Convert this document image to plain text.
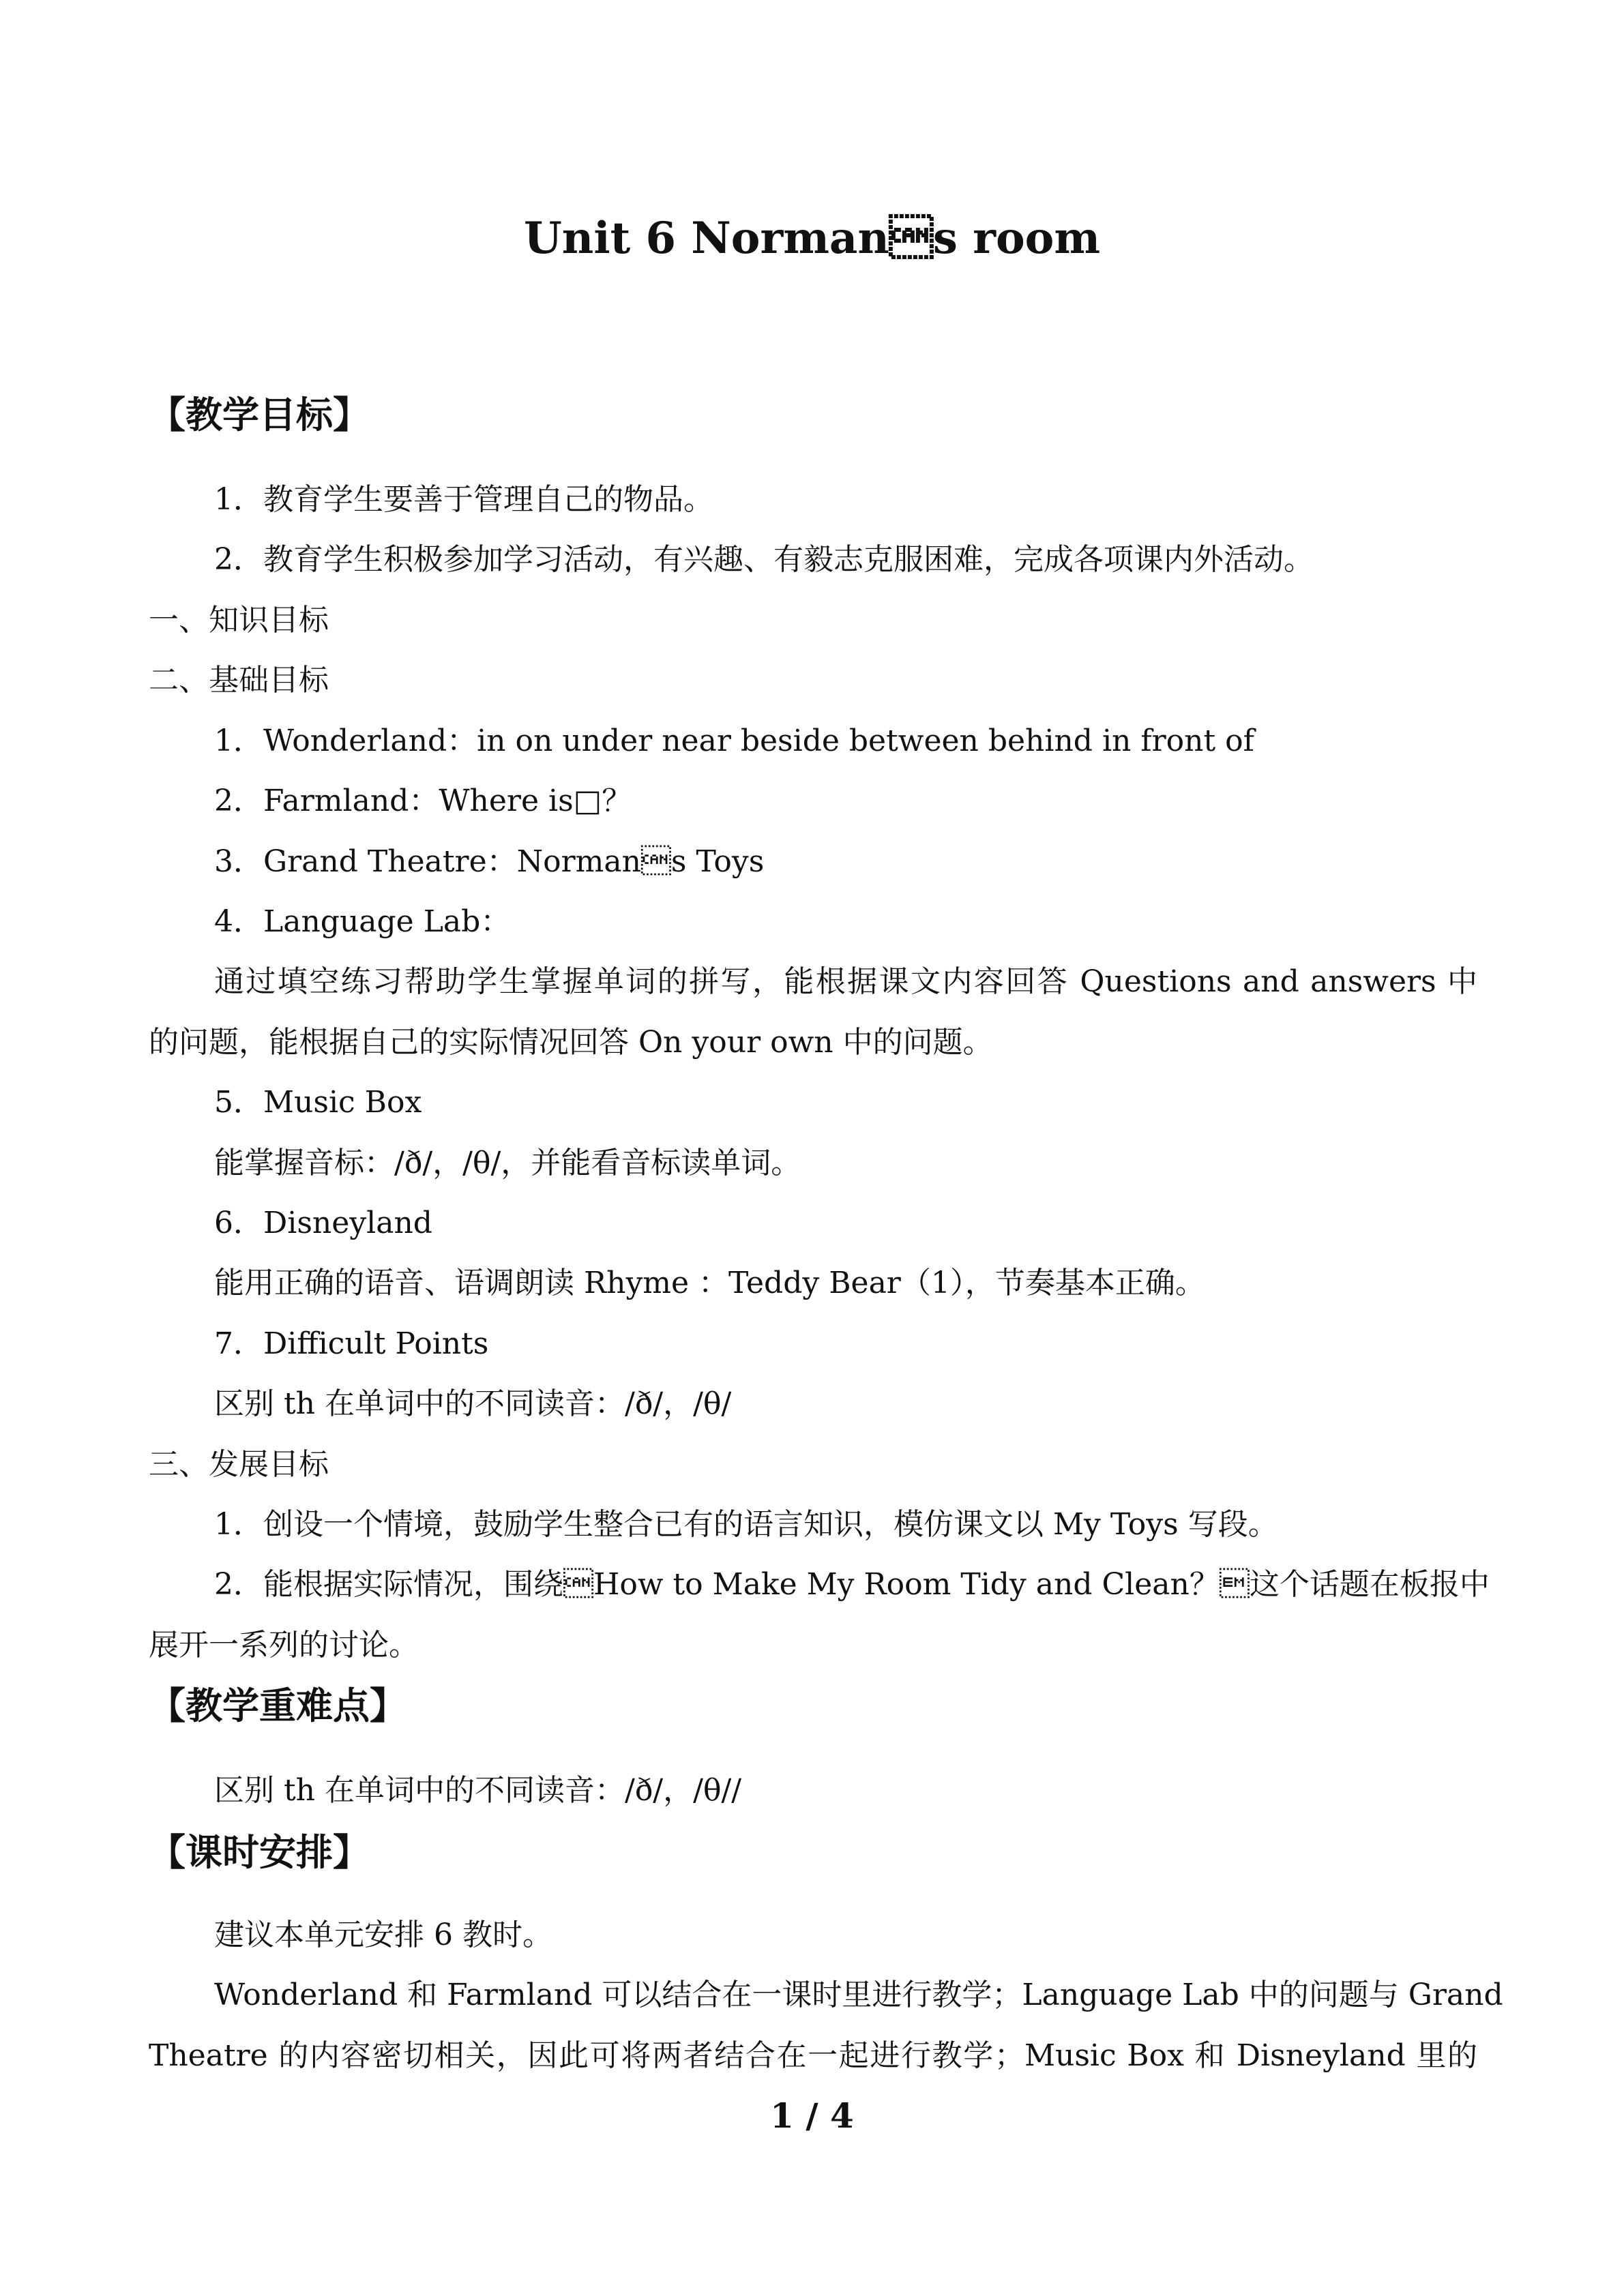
Unit 6 Normans room
【教学目标】
1．教育学生要善于管理自己的物品。
2．教育学生积极参加学习活动，有兴趣、有毅志克服困难，完成各项课内外活动。
一、知识目标
二、基础目标
1．Wonderland：in on under near beside between behind in front of
2．Farmland：Where is□？
3．Grand Theatre：Normans Toys
4．Language Lab：
通过填空练习帮助学生掌握单词的拼写，能根据课文内容回答 Questions and answers 中
的问题，能根据自己的实际情况回答 On your own 中的问题。
5．Music Box
能掌握音标：/ð/，/θ/，并能看音标读单词。
6．Disneyland
能用正确的语音、语调朗读 Rhyme ：Teddy Bear（1），节奏基本正确。
7．Difficult Points
区别 th 在单词中的不同读音：/ð/，/θ/
三、发展目标
1．创设一个情境，鼓励学生整合已有的语言知识，模仿课文以 My Toys 写段。
2．能根据实际情况，围绕How to Make My Room Tidy and Clean？这个话题在板报中
展开一系列的讨论。
【教学重难点】
区别 th 在单词中的不同读音：/ð/，/θ//
【课时安排】
建议本单元安排 6 教时。
Wonderland 和 Farmland 可以结合在一课时里进行教学；Language Lab 中的问题与 Grand
Theatre 的内容密切相关，因此可将两者结合在一起进行教学；Music Box 和 Disneyland 里的
1 / 4
